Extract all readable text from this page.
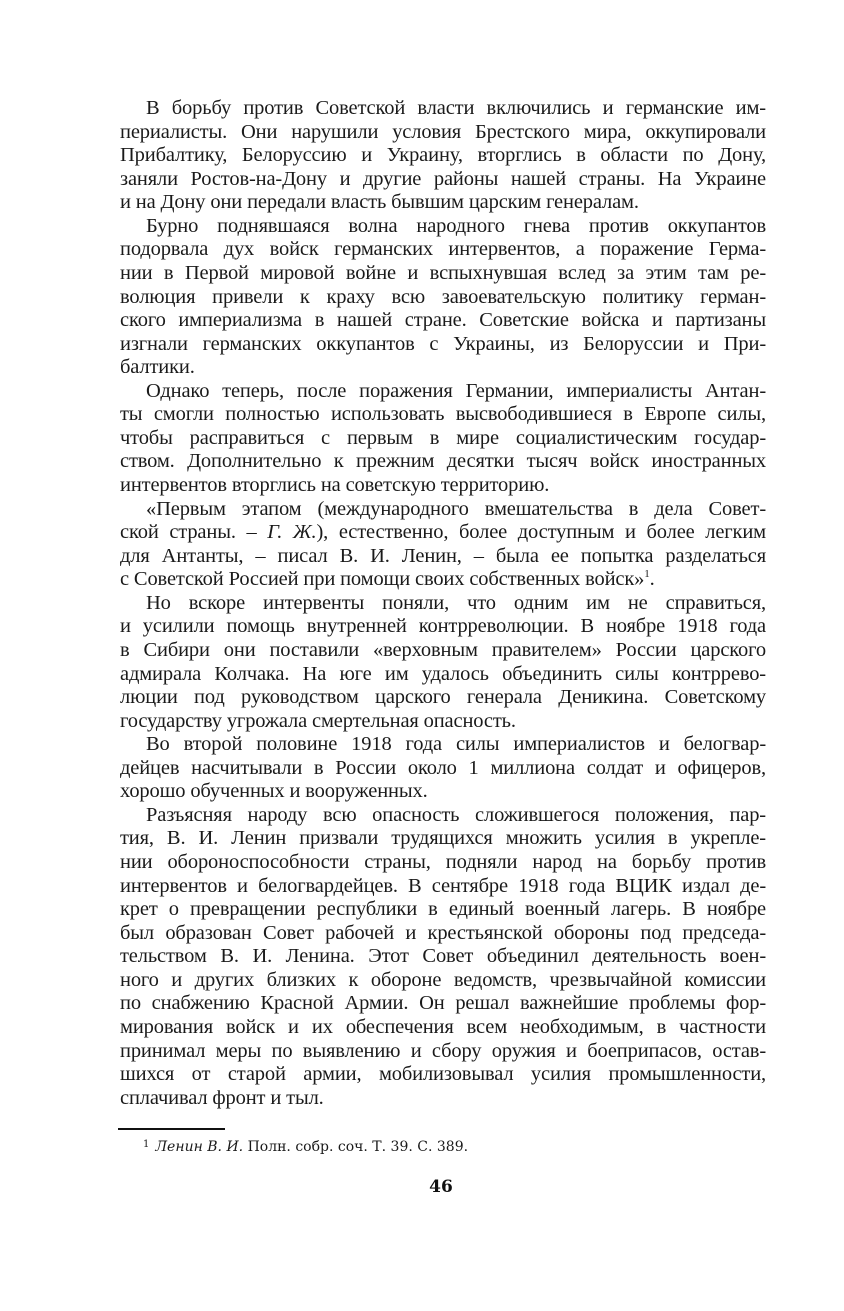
В борьбу против Советской власти включились и германские им-
периалисты. Они нарушили условия Брестского мира, оккупировали
Прибалтику, Белоруссию и Украину, вторглись в области по Дону,
заняли Ростов-на-Дону и другие районы нашей страны. На Украине
и на Дону они передали власть бывшим царским генералам.

Бурно поднявшаяся волна народного гнева против оккупантов
подорвала дух войск германских интервентов, а поражение Герма-
нии в Первой мировой войне и вспыхнувшая вслед за этим там ре-
волюция привели к краху всю завоевательскую политику герман-
ского империализма в нашей стране. Советские войска и партизаны
изгнали германских оккупантов с Украины, из Белоруссии и При-
балтики.

Однако теперь, после поражения Германии, империалисты Антан-
ты смогли полностью использовать высвободившиеся в Европе силы,
чтобы расправиться с первым в мире социалистическим государ-
ством. Дополнительно к прежним десятки тысяч войск иностранных
интервентов вторглись на советскую территорию.

«Первым этапом (международного вмешательства в дела Совет-
ской страны. – Г. Ж.), естественно, более доступным и более легким
для Антанты, – писал В. И. Ленин, – была ее попытка разделаться
с Советской Россией при помощи своих собственных войск»$^1$.

Но вскоре интервенты поняли, что одним им не справиться,
и усилили помощь внутренней контрреволюции. В ноябре 1918 года
в Сибири они поставили «верховным правителем» России царского
адмирала Колчака. На юге им удалось объединить силы контррево-
люции под руководством царского генерала Деникина. Советскому
государству угрожала смертельная опасность.

Во второй половине 1918 года силы империалистов и белогвар-
дейцев насчитывали в России около 1 миллиона солдат и офицеров,
хорошо обученных и вооруженных.

Разъясняя народу всю опасность сложившегося положения, пар-
тия, В. И. Ленин призвали трудящихся множить усилия в укрепле-
нии обороноспособности страны, подняли народ на борьбу против
интервентов и белогвардейцев. В сентябре 1918 года ВЦИК издал де-
крет о превращении республики в единый военный лагерь. В ноябре
был образован Совет рабочей и крестьянской обороны под председа-
тельством В. И. Ленина. Этот Совет объединил деятельность воен-
ного и других близких к обороне ведомств, чрезвычайной комиссии
по снабжению Красной Армии. Он решал важнейшие проблемы фор-
мирования войск и их обеспечения всем необходимым, в частности
принимал меры по выявлению и сбору оружия и боеприпасов, остав-
шихся от старой армии, мобилизовывал усилия промышленности,
сплачивал фронт и тыл.

$^1$ Ленин В. И. Полн. собр. соч. Т. 39. С. 389.
46
